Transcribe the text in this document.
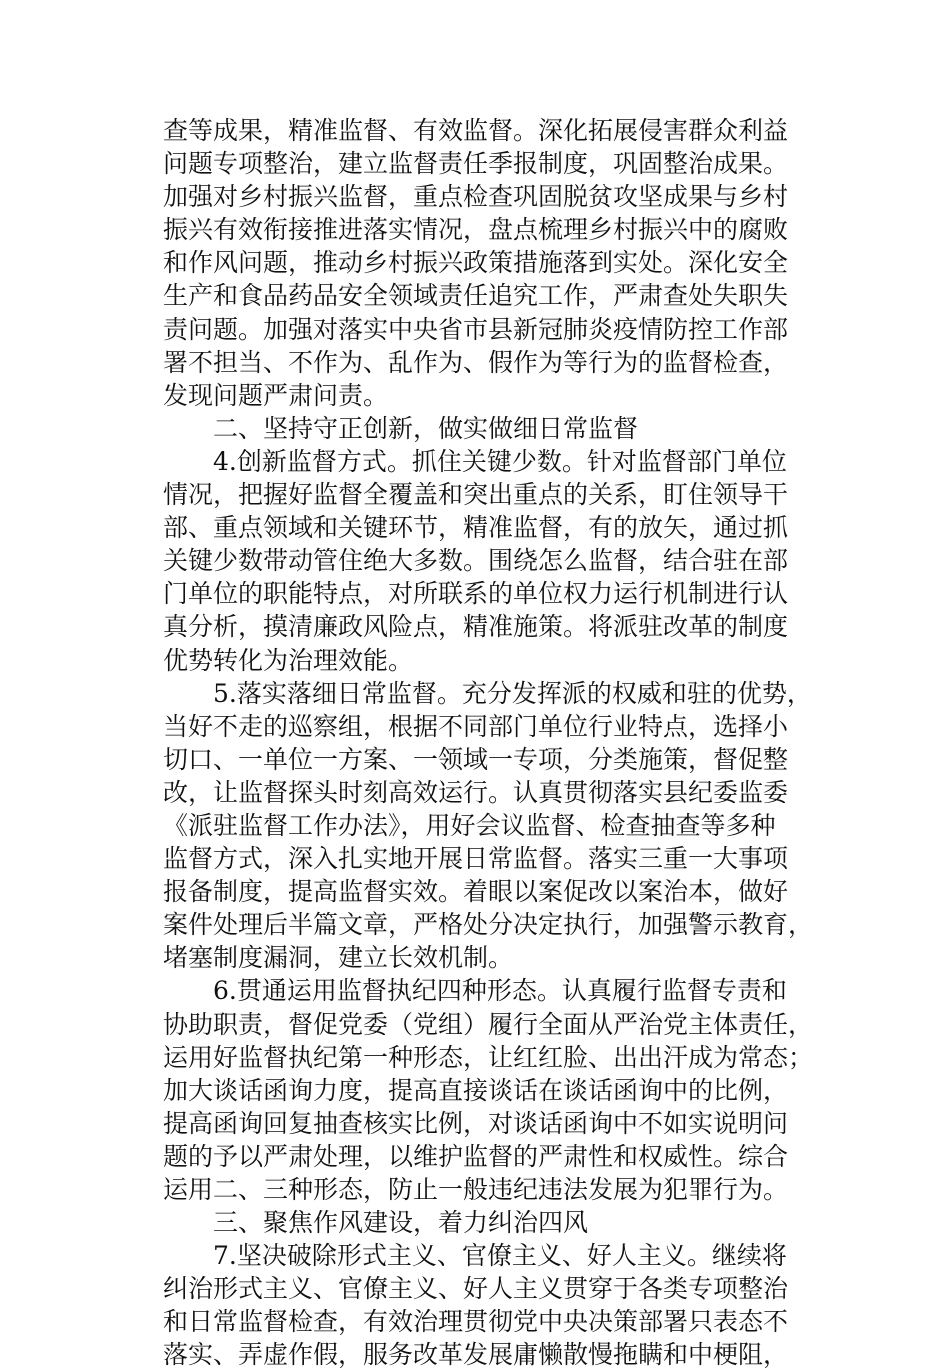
查等成果，精准监督、有效监督。深化拓展侵害群众利益
问题专项整治，建立监督责任季报制度，巩固整治成果。
加强对乡村振兴监督，重点检查巩固脱贫攻坚成果与乡村
振兴有效衔接推进落实情况，盘点梳理乡村振兴中的腐败
和作风问题，推动乡村振兴政策措施落到实处。深化安全
生产和食品药品安全领域责任追究工作，严肃查处失职失
责问题。加强对落实中央省市县新冠肺炎疫情防控工作部
署不担当、不作为、乱作为、假作为等行为的监督检查，
发现问题严肃问责。
二、坚持守正创新，做实做细日常监督
4.创新监督方式。抓住关键少数。针对监督部门单位
情况，把握好监督全覆盖和突出重点的关系，盯住领导干
部、重点领域和关键环节，精准监督，有的放矢，通过抓
关键少数带动管住绝大多数。围绕怎么监督，结合驻在部
门单位的职能特点，对所联系的单位权力运行机制进行认
真分析，摸清廉政风险点，精准施策。将派驻改革的制度
优势转化为治理效能。
5.落实落细日常监督。充分发挥派的权威和驻的优势，
当好不走的巡察组，根据不同部门单位行业特点，选择小
切口、一单位一方案、一领域一专项，分类施策，督促整
改，让监督探头时刻高效运行。认真贯彻落实县纪委监委
《派驻监督工作办法》，用好会议监督、检查抽查等多种
监督方式，深入扎实地开展日常监督。落实三重一大事项
报备制度，提高监督实效。着眼以案促改以案治本，做好
案件处理后半篇文章，严格处分决定执行，加强警示教育，
堵塞制度漏洞，建立长效机制。
6.贯通运用监督执纪四种形态。认真履行监督专责和
协助职责，督促党委（党组）履行全面从严治党主体责任，
运用好监督执纪第一种形态，让红红脸、出出汗成为常态；
加大谈话函询力度，提高直接谈话在谈话函询中的比例，
提高函询回复抽查核实比例，对谈话函询中不如实说明问
题的予以严肃处理，以维护监督的严肃性和权威性。综合
运用二、三种形态，防止一般违纪违法发展为犯罪行为。
三、聚焦作风建设，着力纠治四风
7.坚决破除形式主义、官僚主义、好人主义。继续将
纠治形式主义、官僚主义、好人主义贯穿于各类专项整治
和日常监督检查，有效治理贯彻党中央决策部署只表态不
落实、弄虚作假，服务改革发展庸懒散慢拖瞒和中梗阻，
